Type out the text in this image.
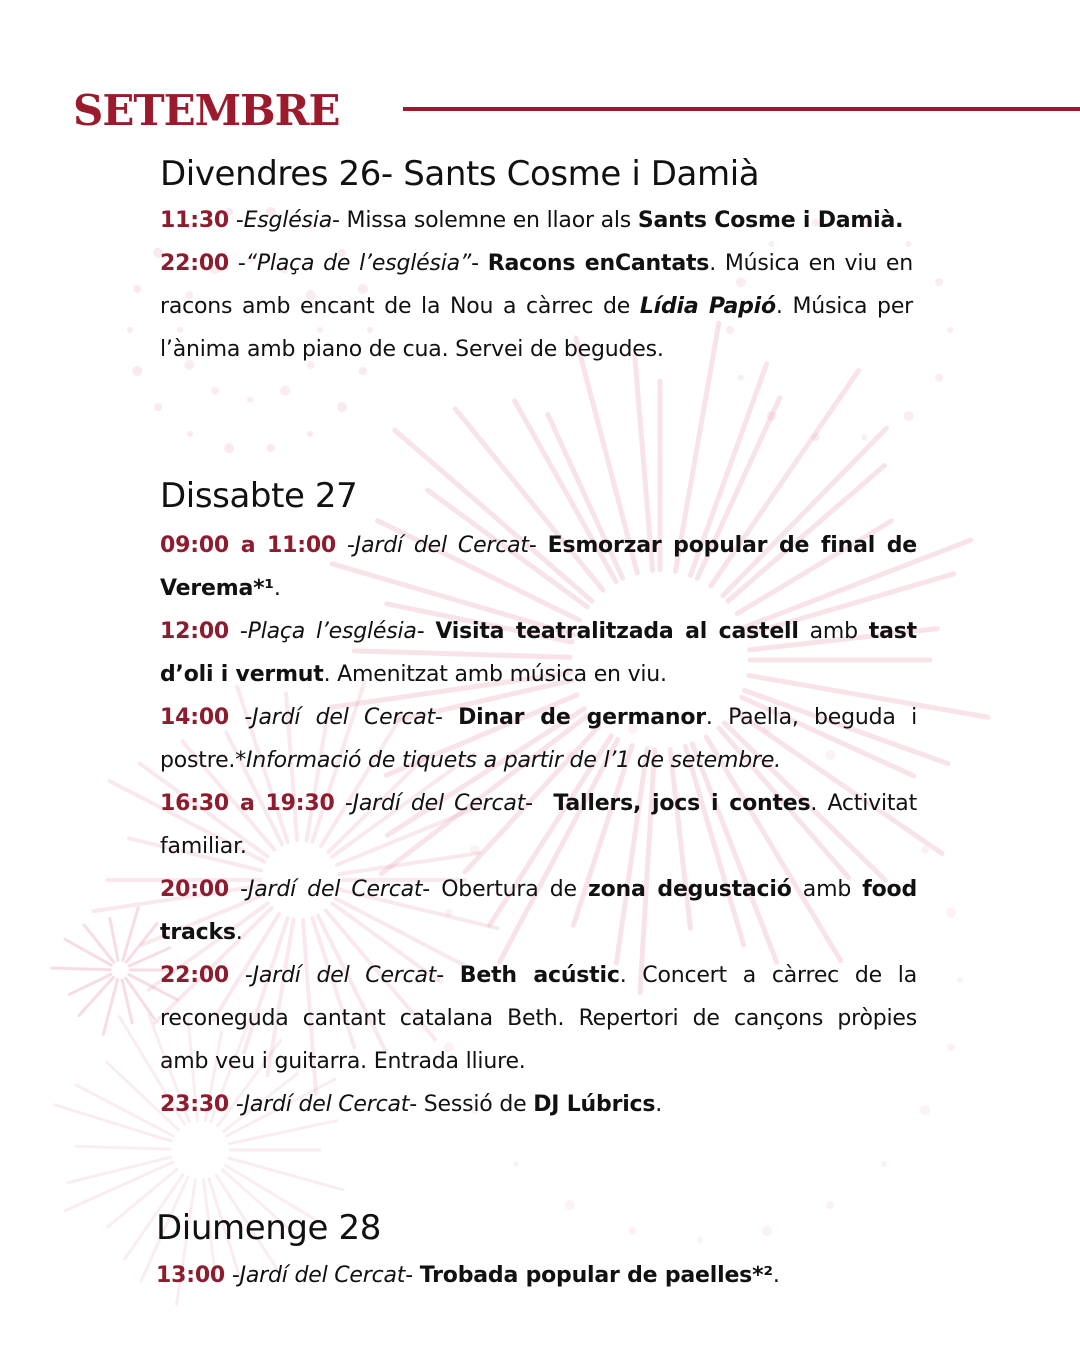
SETEMBRE
Divendres 26- Sants Cosme i Damià

11:30 -Església- Missa solemne en llaor als Sants Cosme i Damià.

22:00 -“Plaça de l’església”- Racons enCantats. Música en viu en racons amb encant de la Nou a càrrec de Lídia Papió. Música per l’ànima amb piano de cua. Servei de begudes.

Dissabte 27

09:00 a 11:00 -Jardí del Cercat- Esmorzar popular de final de Verema*¹.

12:00 -Plaça l’església- Visita teatralitzada al castell amb tast d’oli i vermut. Amenitzat amb música en viu.

14:00 -Jardí del Cercat- Dinar de germanor. Paella, beguda i postre.*Informació de tiquets a partir de l’1 de setembre.

16:30 a 19:30 -Jardí del Cercat-  Tallers, jocs i contes. Activitat familiar.

20:00 -Jardí del Cercat- Obertura de zona degustació amb food tracks.

22:00 -Jardí del Cercat- Beth acústic. Concert a càrrec de la reconeguda cantant catalana Beth. Repertori de cançons pròpies amb veu i guitarra. Entrada lliure.

23:30 -Jardí del Cercat- Sessió de DJ Lúbrics.

Diumenge 28

13:00 -Jardí del Cercat- Trobada popular de paelles*².
